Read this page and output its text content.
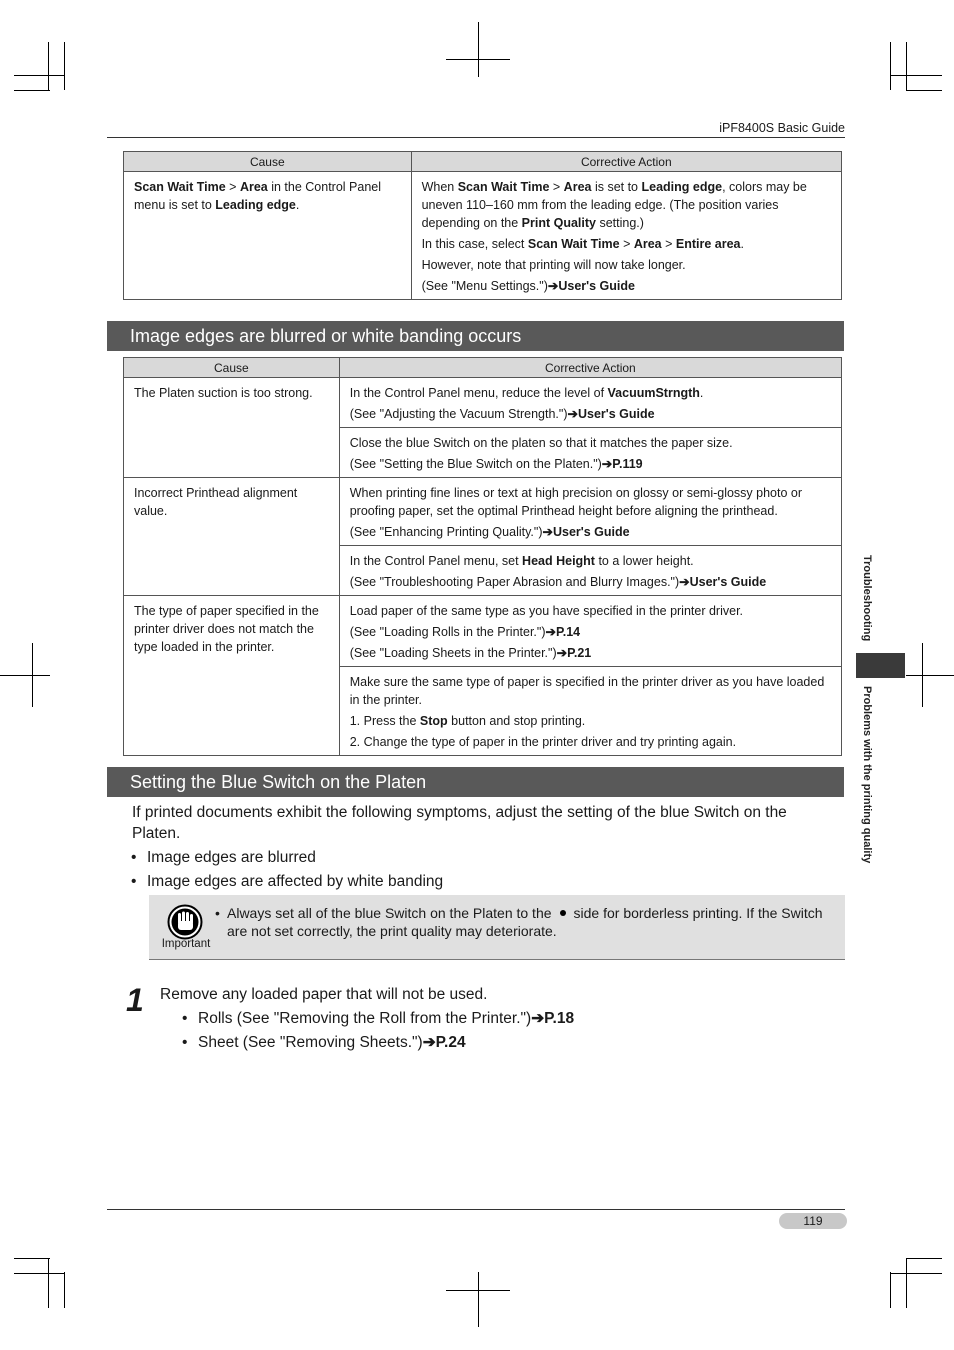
iPF8400S Basic Guide
Cause	Corrective Action

Scan Wait Time > Area in the Control Panel menu is set to Leading edge.	When Scan Wait Time > Area is set to Leading edge, colors may be uneven 110–160 mm from the leading edge. (The position varies depending on the Print Quality setting.)

In this case, select Scan Wait Time > Area > Entire area.

However, note that printing will now take longer.

(See "Menu Settings.")➔User's Guide

Image edges are blurred or white banding occurs
Cause	Corrective Action

The Platen suction is too strong.	In the Control Panel menu, reduce the level of VacuumStrngth.

(See "Adjusting the Vacuum Strength.")➔User's Guide

	Close the blue Switch on the platen so that it matches the paper size.

(See "Setting the Blue Switch on the Platen.")➔P.119

Incorrect Printhead alignment value.	When printing fine lines or text at high precision on glossy or semi-glossy photo or proofing paper, set the optimal Printhead height before aligning the printhead.

(See "Enhancing Printing Quality.")➔User's Guide

	In the Control Panel menu, set Head Height to a lower height.

(See "Troubleshooting Paper Abrasion and Blurry Images.")➔User's Guide

The type of paper specified in the printer driver does not match the type loaded in the printer.	Load paper of the same type as you have specified in the printer driver.

(See "Loading Rolls in the Printer.")➔P.14

(See "Loading Sheets in the Printer.")➔P.21

	Make sure the same type of paper is specified in the printer driver as you have loaded in the printer.

1. Press the Stop button and stop printing.

2. Change the type of paper in the printer driver and try printing again.

Setting the Blue Switch on the Platen
If printed documents exhibit the following symptoms, adjust the setting of the blue Switch on the Platen.
• Image edges are blurred
• Image edges are affected by white banding
Important
• Always set all of the blue Switch on the Platen to the side for borderless printing. If the Switch are not set correctly, the print quality may deteriorate.
1 Remove any loaded paper that will not be used.
• Rolls (See "Removing the Roll from the Printer.")➔P.18
• Sheet (See "Removing Sheets.")➔P.24
Troubleshooting
Problems with the printing quality
119
